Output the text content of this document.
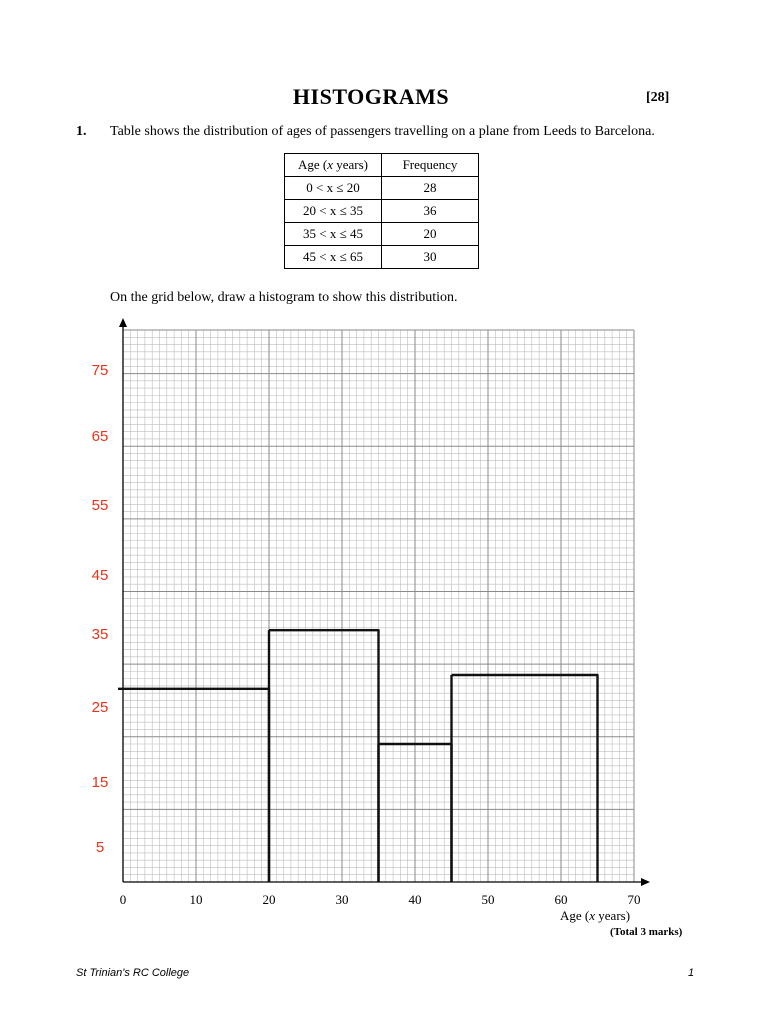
HISTOGRAMS	[28]
1. Table shows the distribution of ages of passengers travelling on a plane from Leeds to Barcelona.
Age (x years)	Frequency
0 < x ≤ 20	28
20 < x ≤ 35	36
35 < x ≤ 45	20
45 < x ≤ 65	30
On the grid below, draw a histogram to show this distribution.
0	10	20	30	40	50	60	70
5
15
25
35
45
55
65
75
Age (x years)
(Total 3 marks)
St Trinian's RC College	1
